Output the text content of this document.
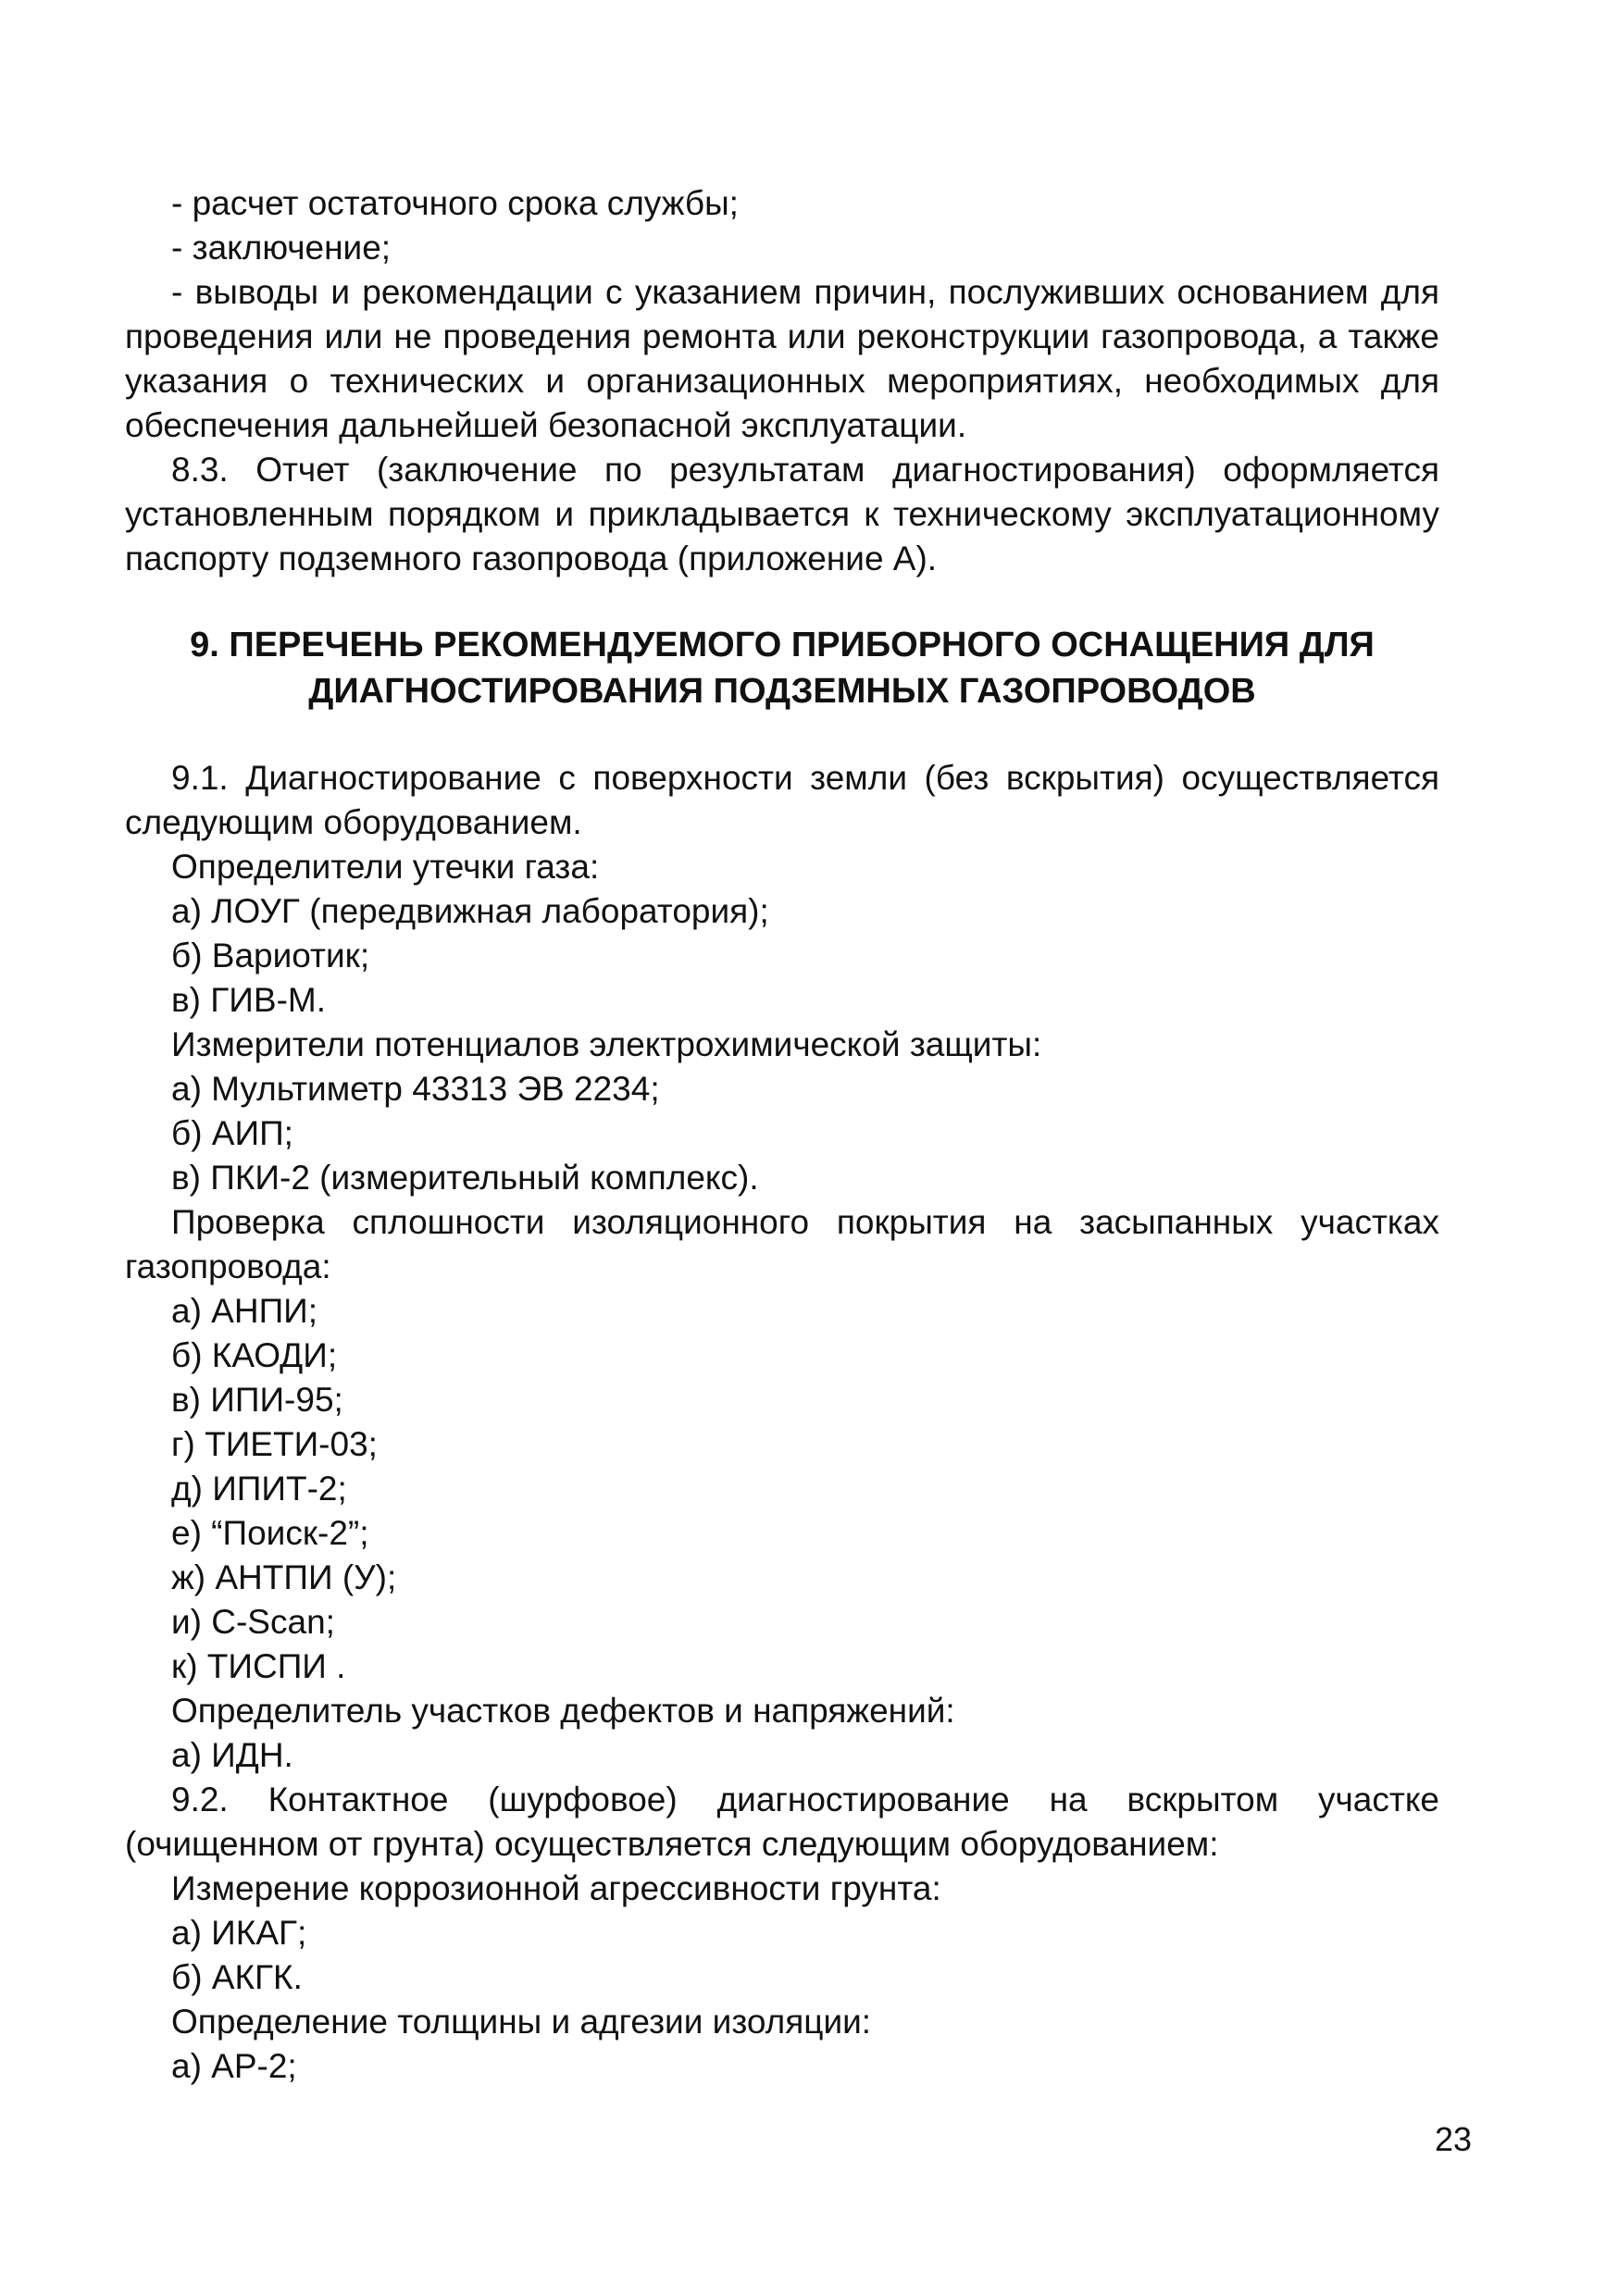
- расчет остаточного срока службы;

- заключение;

- выводы и рекомендации с указанием причин, послуживших основанием для проведения или не проведения ремонта или реконструкции газопровода, а также указания о технических и организационных мероприятиях, необходимых для обеспечения дальнейшей безопасной эксплуатации.

8.3. Отчет (заключение по результатам диагностирования) оформляется установленным порядком и прикладывается к техническому эксплуатационному паспорту подземного газопровода (приложение А).

9. ПЕРЕЧЕНЬ РЕКОМЕНДУЕМОГО ПРИБОРНОГО ОСНАЩЕНИЯ ДЛЯ

ДИАГНОСТИРОВАНИЯ ПОДЗЕМНЫХ ГАЗОПРОВОДОВ

9.1. Диагностирование с поверхности земли (без вскрытия) осуществляется следующим оборудованием.

Определители утечки газа:

а) ЛОУГ (передвижная лаборатория);

б) Вариотик;

в) ГИВ-М.

Измерители потенциалов электрохимической защиты:

а) Мультиметр 43313 ЭВ 2234;

б) АИП;

в) ПКИ-2 (измерительный комплекс).

Проверка сплошности изоляционного покрытия на засыпанных участках газопровода:

а) АНПИ;

б) КАОДИ;

в) ИПИ-95;

г) ТИЕТИ-03;

д) ИПИТ-2;

е) “Поиск-2”;

ж) АНТПИ (У);

и) С-Scan;

к) ТИСПИ .

Определитель участков дефектов и напряжений:

а) ИДН.

9.2. Контактное (шурфовое) диагностирование на вскрытом участке (очищенном от грунта) осуществляется следующим оборудованием:

Измерение коррозионной агрессивности грунта:

а) ИКАГ;

б) АКГК.

Определение толщины и адгезии изоляции:

а) АР-2;

23
